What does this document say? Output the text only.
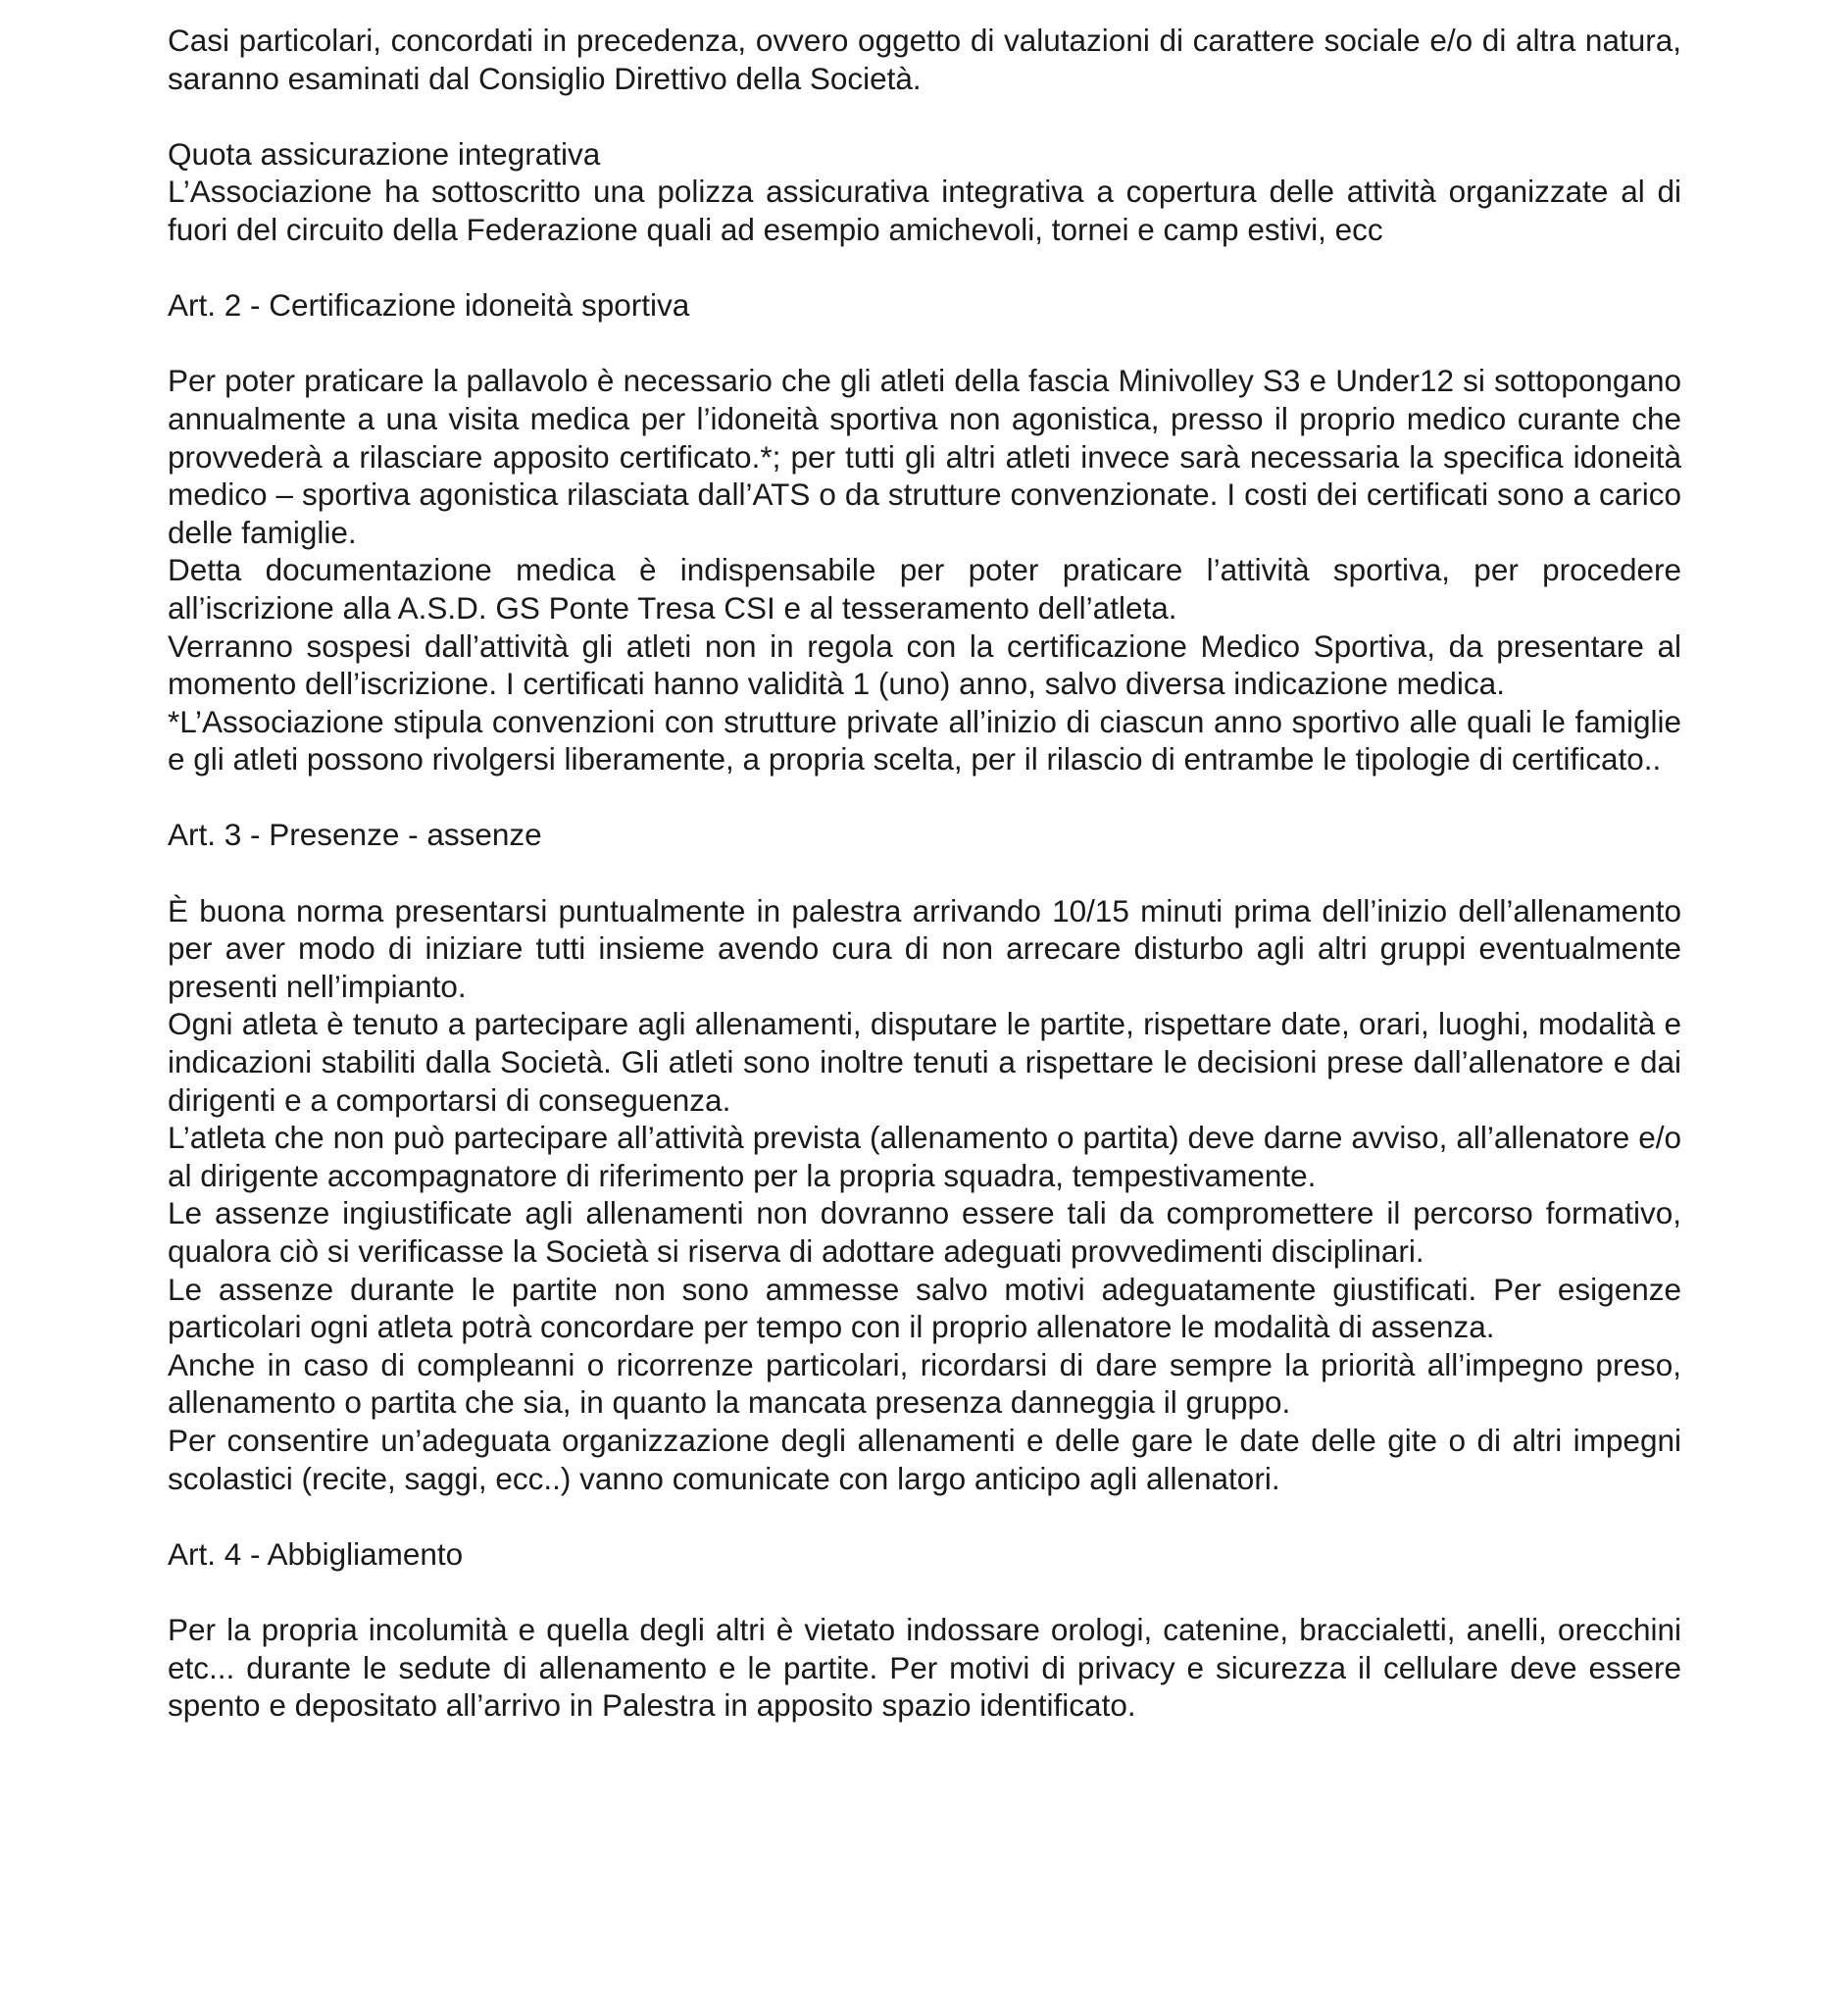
Casi particolari, concordati in precedenza, ovvero oggetto di valutazioni di carattere sociale e/o di altra natura, saranno esaminati dal Consiglio Direttivo della Società.

Quota assicurazione integrativa

L’Associazione ha sottoscritto una polizza assicurativa integrativa a copertura delle attività organizzate al di fuori del circuito della Federazione quali ad esempio amichevoli, tornei e camp estivi, ecc

Art. 2 - Certificazione idoneità sportiva

Per poter praticare la pallavolo è necessario che gli atleti della fascia Minivolley S3 e Under12 si sottopongano annualmente a una visita medica per l’idoneità sportiva non agonistica, presso il proprio medico curante che provvederà a rilasciare apposito certificato.*; per tutti gli altri atleti invece sarà necessaria la specifica idoneità medico – sportiva agonistica rilasciata dall’ATS o da strutture convenzionate. I costi dei certificati sono a carico delle famiglie.

Detta documentazione medica è indispensabile per poter praticare l’attività sportiva, per procedere all’iscrizione alla A.S.D. GS Ponte Tresa CSI e al tesseramento dell’atleta.

Verranno sospesi dall’attività gli atleti non in regola con la certificazione Medico Sportiva, da presentare al momento dell’iscrizione. I certificati hanno validità 1 (uno) anno, salvo diversa indicazione medica.

*L’Associazione stipula convenzioni con strutture private all’inizio di ciascun anno sportivo alle quali le famiglie e gli atleti possono rivolgersi liberamente, a propria scelta, per il rilascio di entrambe le tipologie di certificato..

Art. 3 - Presenze - assenze

È buona norma presentarsi puntualmente in palestra arrivando 10/15 minuti prima dell’inizio dell’allenamento per aver modo di iniziare tutti insieme avendo cura di non arrecare disturbo agli altri gruppi eventualmente presenti nell’impianto.

Ogni atleta è tenuto a partecipare agli allenamenti, disputare le partite, rispettare date, orari, luoghi, modalità e indicazioni stabiliti dalla Società. Gli atleti sono inoltre tenuti a rispettare le decisioni prese dall’allenatore e dai dirigenti e a comportarsi di conseguenza.

L’atleta che non può partecipare all’attività prevista (allenamento o partita) deve darne avviso, all’allenatore e/o al dirigente accompagnatore di riferimento per la propria squadra, tempestivamente.

Le assenze ingiustificate agli allenamenti non dovranno essere tali da compromettere il percorso formativo, qualora ciò si verificasse la Società si riserva di adottare adeguati provvedimenti disciplinari.

Le assenze durante le partite non sono ammesse salvo motivi adeguatamente giustificati. Per esigenze particolari ogni atleta potrà concordare per tempo con il proprio allenatore le modalità di assenza.

Anche in caso di compleanni o ricorrenze particolari, ricordarsi di dare sempre la priorità all’impegno preso, allenamento o partita che sia, in quanto la mancata presenza danneggia il gruppo.

Per consentire un’adeguata organizzazione degli allenamenti e delle gare le date delle gite o di altri impegni scolastici (recite, saggi, ecc..) vanno comunicate con largo anticipo agli allenatori.

Art. 4 - Abbigliamento

Per la propria incolumità e quella degli altri è vietato indossare orologi, catenine, braccialetti, anelli, orecchini etc... durante le sedute di allenamento e le partite. Per motivi di privacy e sicurezza il cellulare deve essere spento e depositato all’arrivo in Palestra in apposito spazio identificato.
